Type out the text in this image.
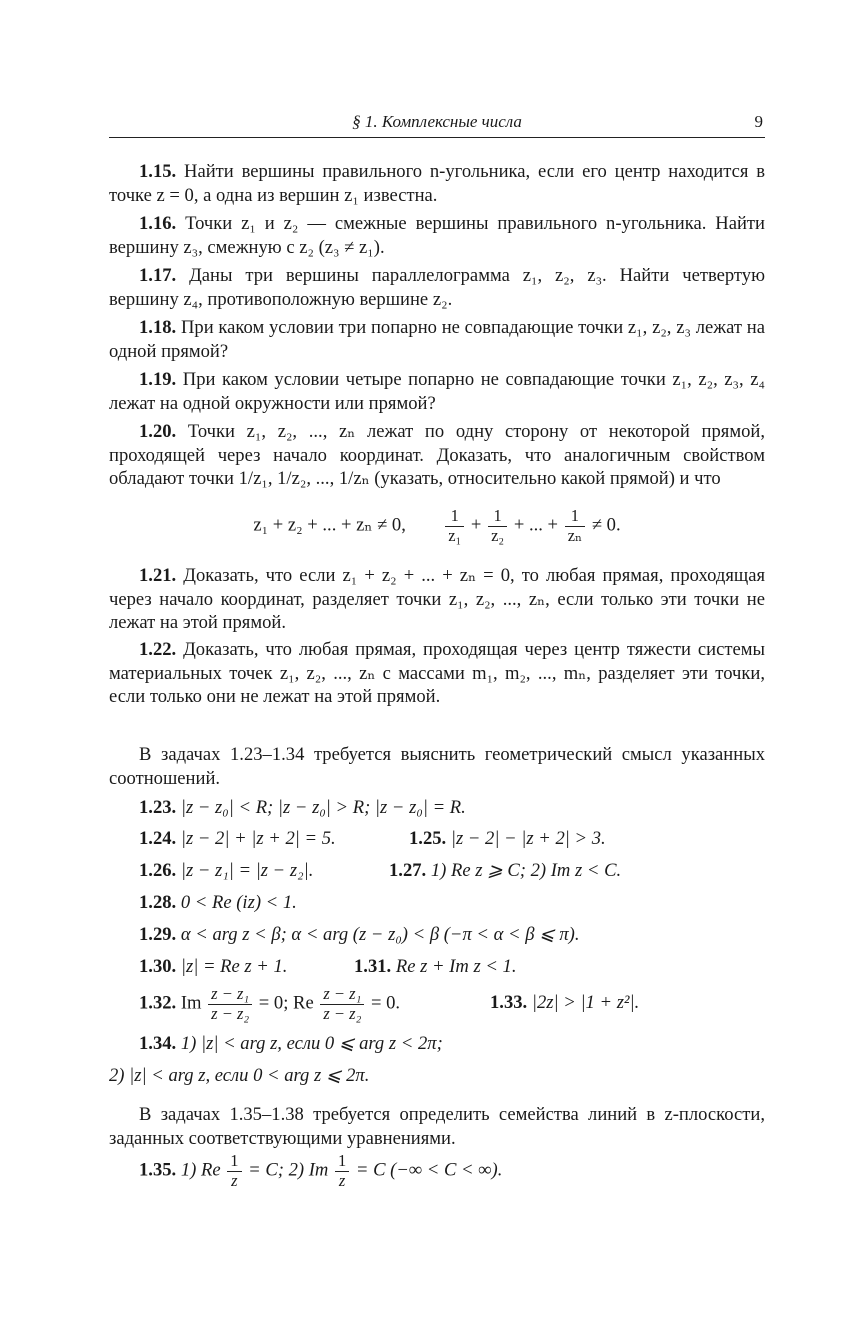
§ 1. Комплексные числа	9

1.15. Найти вершины правильного n-угольника, если его центр находится в точке z = 0, а одна из вершин z₁ известна.

1.16. Точки z₁ и z₂ — смежные вершины правильного n-угольника. Найти вершину z₃, смежную с z₂ (z₃ ≠ z₁).

1.17. Даны три вершины параллелограмма z₁, z₂, z₃. Найти четвертую вершину z₄, противоположную вершине z₂.

1.18. При каком условии три попарно не совпадающие точки z₁, z₂, z₃ лежат на одной прямой?

1.19. При каком условии четыре попарно не совпадающие точки z₁, z₂, z₃, z₄ лежат на одной окружности или прямой?

1.20. Точки z₁, z₂, ..., zₙ лежат по одну сторону от некоторой прямой, проходящей через начало координат. Доказать, что аналогичным свойством обладают точки 1/z₁, 1/z₂, ..., 1/zₙ (указать, относительно какой прямой) и что

z₁ + z₂ + ... + zₙ ≠ 0, $\frac{1}{\text{z₁}} + \frac{1}{\text{z₂}}$ + ... + $\frac{1}{\text{zₙ}} \ne 0$.

1.21. Доказать, что если z₁ + z₂ + ... + zₙ = 0, то любая прямая, проходящая через начало координат, разделяет точки z₁, z₂, ..., zₙ, если только эти точки не лежат на этой прямой.

1.22. Доказать, что любая прямая, проходящая через центр тяжести системы материальных точек z₁, z₂, ..., zₙ с массами m₁, m₂, ..., mₙ, разделяет эти точки, если только они не лежат на этой прямой.

В задачах 1.23–1.34 требуется выяснить геометрический смысл указанных соотношений.

1.23. |z − z₀| < R; |z − z₀| > R; |z − z₀| = R.
1.24. |z − 2| + |z + 2| = 5.	1.25. |z − 2| − |z + 2| > 3.
1.26. |z − z₁| = |z − z₂|.	1.27. 1) Re z ⩾ C; 2) Im z < C.
1.28. 0 < Re (iz) < 1.
1.29. α < arg z < β; α < arg (z − z₀) < β (−π < α < β ⩽ π).
1.30. |z| = Re z + 1.	1.31. Re z + Im z < 1.
1.32. Im $\frac{\text{z − z₁}}{\text{z − z₂}} = 0$; Re $\frac{\text{z − z₁}}{\text{z − z₂}} = 0$.	1.33. |2z| > |1 + z²|.
1.34. 1) |z| < arg z, если 0 ⩽ arg z < 2π;
2) |z| < arg z, если 0 < arg z ⩽ 2π.

В задачах 1.35–1.38 требуется определить семейства линий в z-плоскости, заданных соответствующими уравнениями.

1.35. 1) Re $\frac{1}{z} = C$; 2) Im $\frac{1}{z} = C$ (−∞ < C < ∞).
